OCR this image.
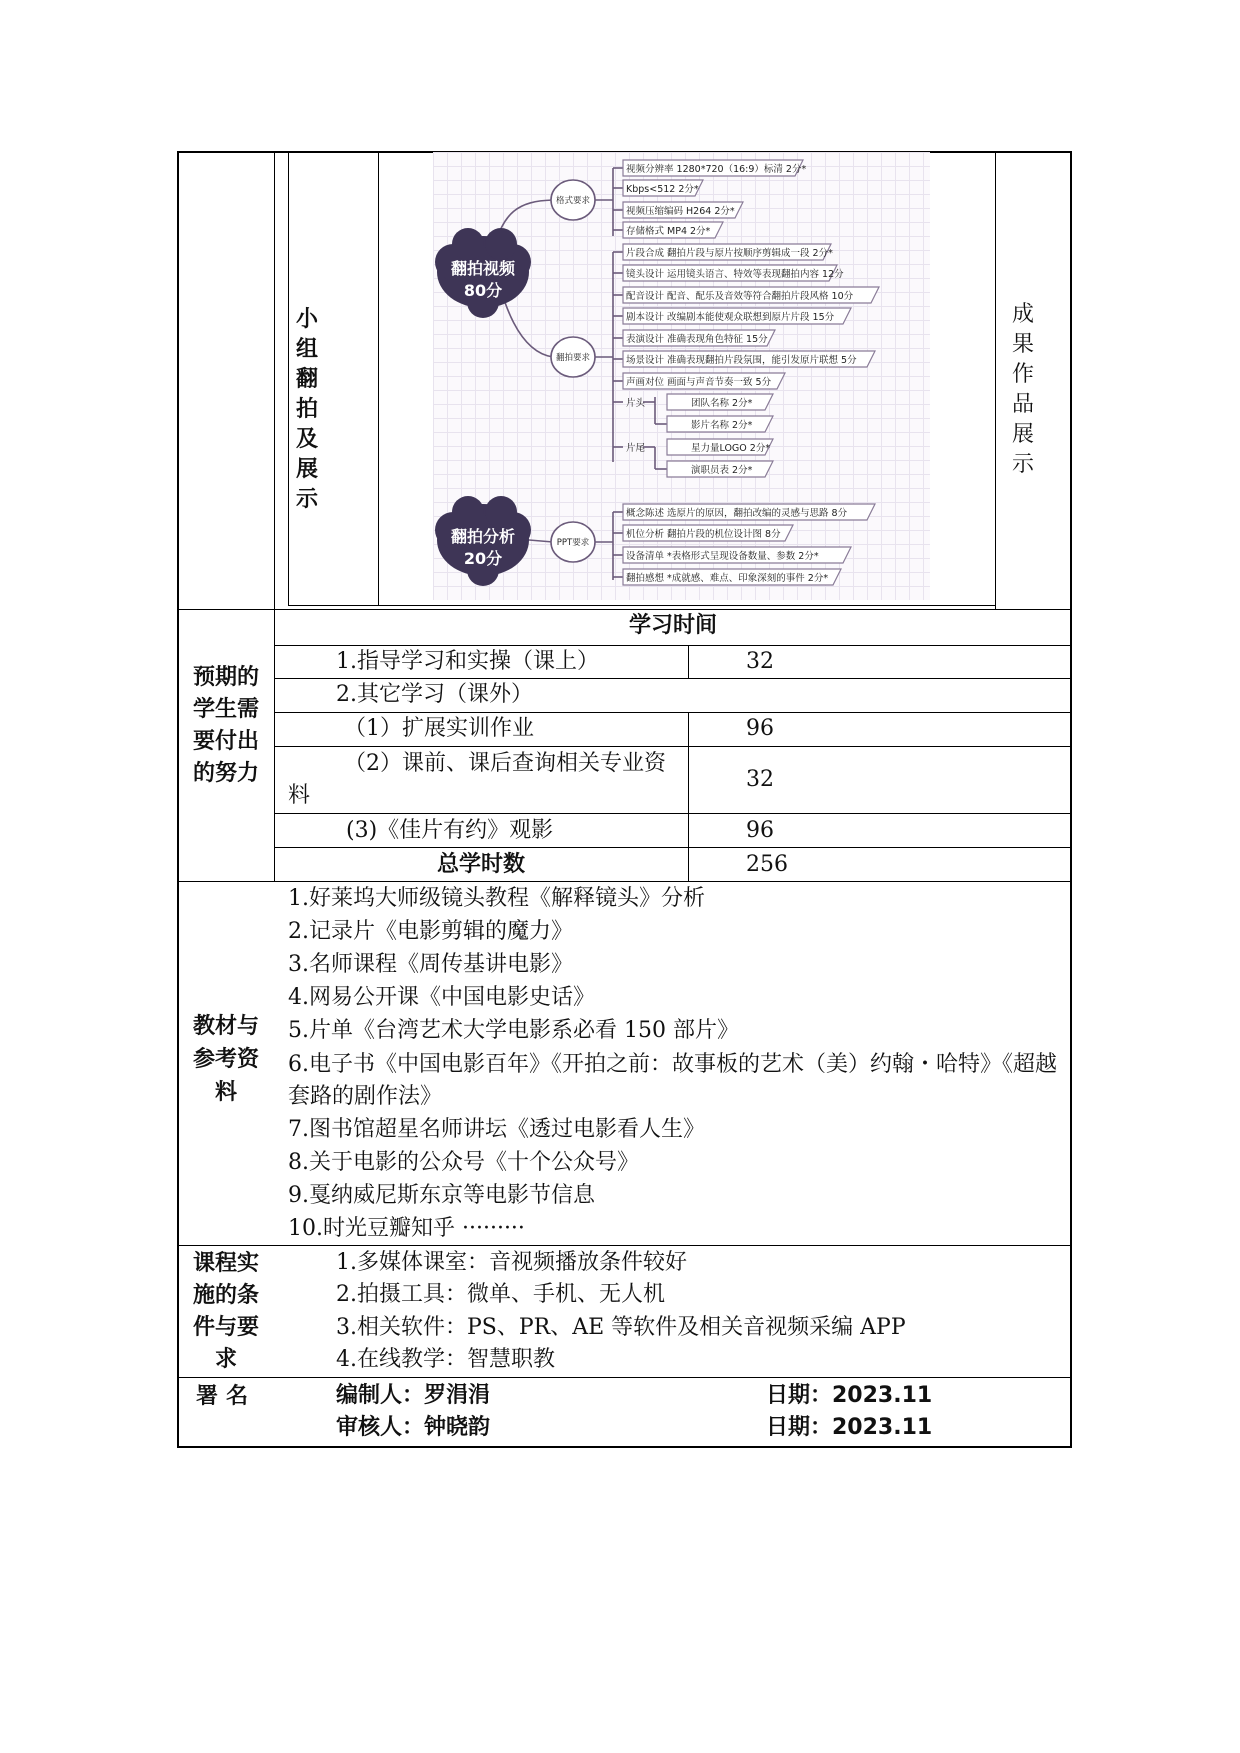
小组翻拍及展示
成果作品展示
翻拍视频
80分
翻拍分析
20分
格式要求
翻拍要求
PPT要求
视频分辨率 1280*720（16:9）标清 2分*
Kbps<512 2分*
视频压缩编码 H264 2分*
存储格式 MP4 2分*
片段合成 翻拍片段与原片按顺序剪辑成一段 2分*
镜头设计 运用镜头语言、特效等表现翻拍内容 12分
配音设计 配音、配乐及音效等符合翻拍片段风格 10分
剧本设计 改编剧本能使观众联想到原片片段 15分
表演设计 准确表现角色特征 15分
场景设计 准确表现翻拍片段氛围，能引发原片联想 5分
声画对位 画面与声音节奏一致 5分
片头	团队名称 2分*
影片名称 2分*
片尾	星力量LOGO 2分*
演职员表 2分*
概念陈述 选原片的原因，翻拍改编的灵感与思路 8分
机位分析 翻拍片段的机位设计图 8分
设备清单 *表格形式呈现设备数量、参数 2分*
翻拍感想 *成就感、难点、印象深刻的事件 2分*
预期的学生需要付出的努力
学习时间
1.指导学习和实操（课上）	32
2.其它学习（课外）
（1）扩展实训作业	96
（2）课前、课后查询相关专业资料
32
(3)《佳片有约》观影	96
总学时数	256
教材与参考资料
1.好莱坞大师级镜头教程《解释镜头》分析
2.记录片《电影剪辑的魔力》
3.名师课程《周传基讲电影》
4.网易公开课《中国电影史话》
5.片单《台湾艺术大学电影系必看 150 部片》
6.电子书《中国电影百年》《开拍之前：故事板的艺术（美）约翰・哈特》《超越套路的剧作法》
7.图书馆超星名师讲坛《透过电影看人生》
8.关于电影的公众号《十个公众号》
9.戛纳威尼斯东京等电影节信息
10.时光豆瓣知乎 ·········
课程实施的条件与要求
1.多媒体课室：音视频播放条件较好
2.拍摄工具：微单、手机、无人机
3.相关软件：PS、PR、AE 等软件及相关音视频采编 APP
4.在线教学：智慧职教
署名	编制人：罗涓涓	日期：2023.11
审核人：钟晓韵	日期：2023.11
